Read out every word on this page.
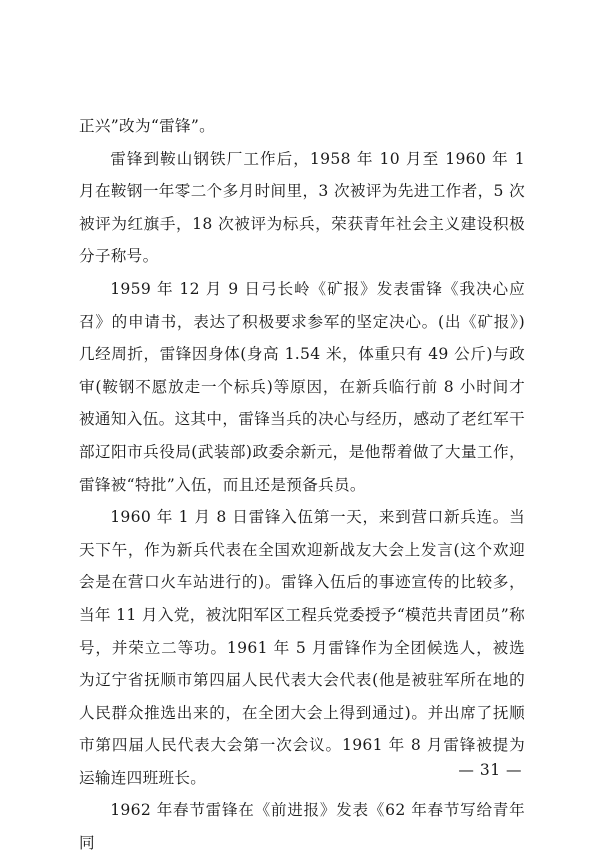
正兴”改为“雷锋”。

雷锋到鞍山钢铁厂工作后，1958 年 10 月至 1960 年 1 月在鞍钢一年零二个多月时间里，3 次被评为先进工作者，5 次被评为红旗手，18 次被评为标兵，荣获青年社会主义建设积极分子称号。

1959 年 12 月 9 日弓长岭《矿报》发表雷锋《我决心应召》的申请书，表达了积极要求参军的坚定决心。(出《矿报》) 几经周折，雷锋因身体(身高 1.54 米，体重只有 49 公斤)与政审(鞍钢不愿放走一个标兵)等原因，在新兵临行前 8 小时间才被通知入伍。这其中，雷锋当兵的决心与经历，感动了老红军干部辽阳市兵役局(武装部)政委余新元，是他帮着做了大量工作，雷锋被“特批”入伍，而且还是预备兵员。

1960 年 1 月 8 日雷锋入伍第一天，来到营口新兵连。当天下午，作为新兵代表在全国欢迎新战友大会上发言(这个欢迎会是在营口火车站进行的)。雷锋入伍后的事迹宣传的比较多，当年 11 月入党，被沈阳军区工程兵党委授予“模范共青团员”称号，并荣立二等功。1961 年 5 月雷锋作为全团候选人，被选为辽宁省抚顺市第四届人民代表大会代表(他是被驻军所在地的人民群众推选出来的，在全团大会上得到通过)。并出席了抚顺市第四届人民代表大会第一次会议。1961 年 8 月雷锋被提为运输连四班班长。

1962 年春节雷锋在《前进报》发表《62 年春节写给青年同

— 31 —
